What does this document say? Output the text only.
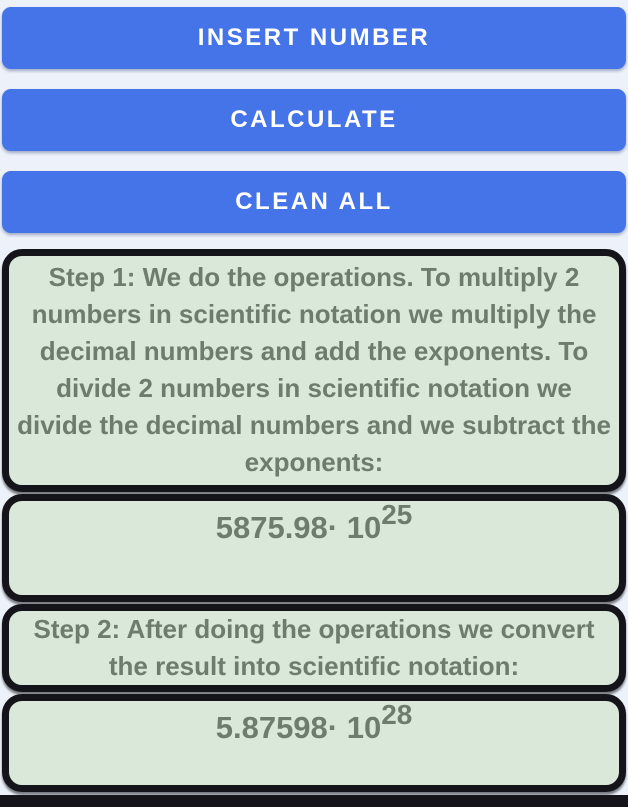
INSERT NUMBER
CALCULATE
CLEAN ALL
Step 1: We do the operations. To multiply 2 numbers in scientific notation we multiply the decimal numbers and add the exponents. To divide 2 numbers in scientific notation we divide the decimal numbers and we subtract the exponents:
5875.98· 1025
Step 2: After doing the operations we convert the result into scientific notation:
5.87598· 1028
